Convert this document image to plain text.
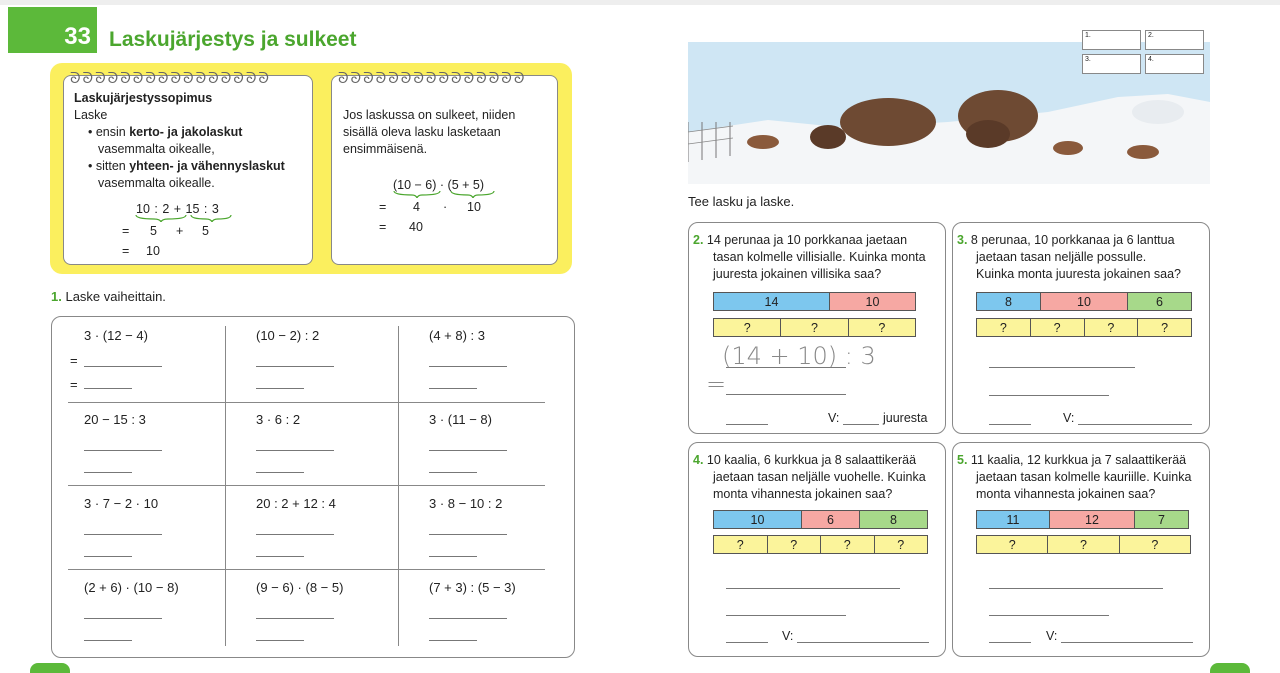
33 Laskujärjestys ja sulkeet
ᘐᘐᘐᘐᘐᘐᘐᘐᘐᘐᘐᘐᘐᘐᘐᘐ
Laskujärjestyssopimus
Laske
• ensin kerto- ja jakolaskut
vasemmalta oikealle,
• sitten yhteen- ja vähennyslaskut
vasemmalta oikealle.
10 : 2 + 15 : 3
= 5 + 5
= 10
ᘐᘐᘐᘐᘐᘐᘐᘐᘐᘐᘐᘐᘐᘐᘐ
Jos laskussa on sulkeet, niiden
sisällä oleva lasku lasketaan
ensimmäisenä.
(10 − 6) · (5 + 5)
= 4 · 10
= 40
1. Laske vaiheittain.
3 · (12 − 4)	(10 − 2) : 2	(4 + 8) : 3
20 − 15 : 3	3 · 6 : 2	3 · (11 − 8)
3 · 7 − 2 · 10	20 : 2 + 12 : 4	3 · 8 − 10 : 2
(2 + 6) · (10 − 8)	(9 − 6) · (8 − 5)	(7 + 3) : (5 − 3)
=
=
1.	2.
3.	4.
Tee lasku ja laske.
2. 14 perunaa ja 10 porkkanaa jaetaan
tasan kolmelle villisialle. Kuinka monta
juuresta jokainen villisika saa?
14	10
?	?	?
(14 + 10) : 3
=
V:	juuresta
3. 8 perunaa, 10 porkkanaa ja 6 lanttua
jaetaan tasan neljälle possulle.
Kuinka monta juuresta jokainen saa?
8	10	6
?	?	?	?
V:
4. 10 kaalia, 6 kurkkua ja 8 salaattikerää
jaetaan tasan neljälle vuohelle. Kuinka
monta vihannesta jokainen saa?
10	6	8
?	?	?	?
V:
5. 11 kaalia, 12 kurkkua ja 7 salaattikerää
jaetaan tasan kolmelle kauriille. Kuinka
monta vihannesta jokainen saa?
11	12	7
?	?	?
V:
